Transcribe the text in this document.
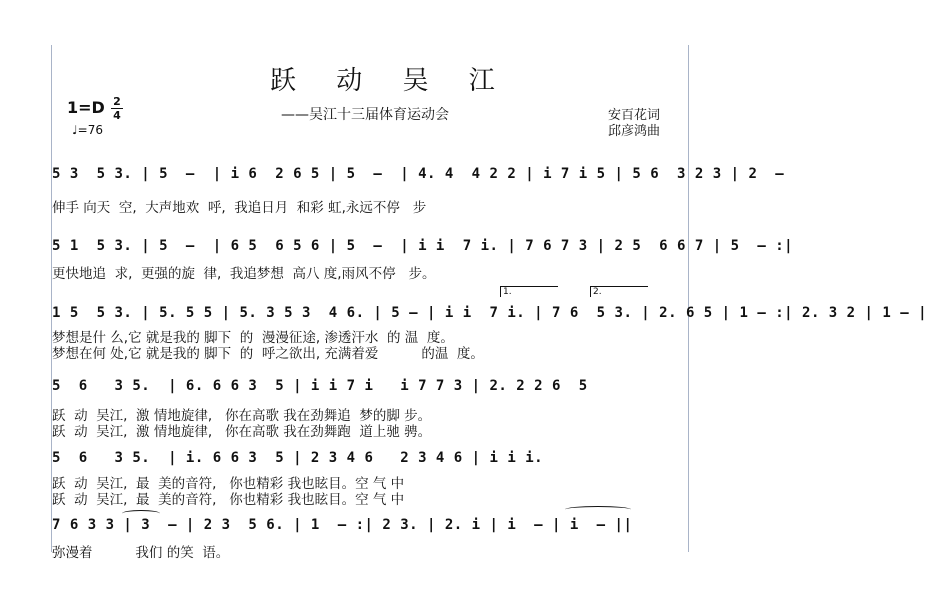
跃 动 吴 江
——吴江十三届体育运动会	安百花词
邱彦鸿曲
1=D 2
4
♩=76
5 3  5 3. | 5  –  | i 6  2 6 5 | 5  –  | 4. 4  4 2 2 | i 7 i 5 | 5 6  3 2 3 | 2  –
伸手 向天  空,  大声地欢  呼,  我追日月  和彩 虹,永远不停   步
5 1  5 3. | 5  –  | 6 5  6 5 6 | 5  –  | i i  7 i. | 7 6 7 3 | 2 5  6 6 7 | 5  – :|
更快地追  求,  更强的旋  律,  我追梦想  高八 度,雨风不停   步。
1.	2.
1 5  5 3. | 5. 5 5 | 5. 3 5 3  4 6. | 5 – | i i  7 i. | 7 6  5 3. | 2. 6 5 | 1 – :| 2. 3 2 | 1 – |
梦想是什 么,它 就是我的 脚下  的  漫漫征途, 渗透汗水  的 温  度。
梦想在何 处,它 就是我的 脚下  的  呼之欲出, 充满着爱          的温  度。
5  6   3 5.  | 6. 6 6 3  5 | i i 7 i   i 7 7 3 | 2. 2 2 6  5
跃  动  吴江,  激 情地旋律,   你在高歌 我在劲舞追  梦的脚 步。
跃  动  吴江,  激 情地旋律,   你在高歌 我在劲舞跑  道上驰 骋。
5  6   3 5.  | i. 6 6 3  5 | 2 3 4 6   2 3 4 6 | i i i.
跃  动  吴江,  最  美的音符,   你也精彩 我也眩目。空 气 中
跃  动  吴江,  最  美的音符,   你也精彩 我也眩目。空 气 中
7 6 3 3 | 3  – | 2 3  5 6. | 1  – :| 2 3. | 2. i | i  – | i  – ||
弥漫着          我们 的笑  语。
